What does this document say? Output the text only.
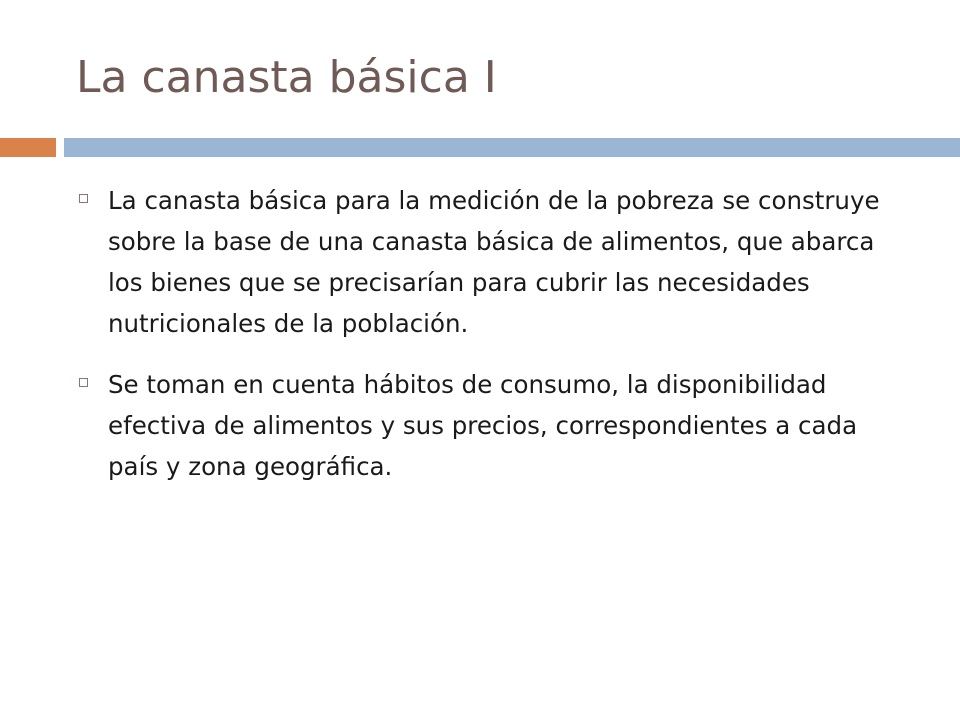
La canasta básica I
La canasta básica para la medición de la pobreza se construye sobre la base de una canasta básica de alimentos, que abarca los bienes que se precisarían para cubrir las necesidades nutricionales de la población.
Se toman en cuenta hábitos de consumo, la disponibilidad efectiva de alimentos y sus precios, correspondientes a cada país y zona geográfica.
